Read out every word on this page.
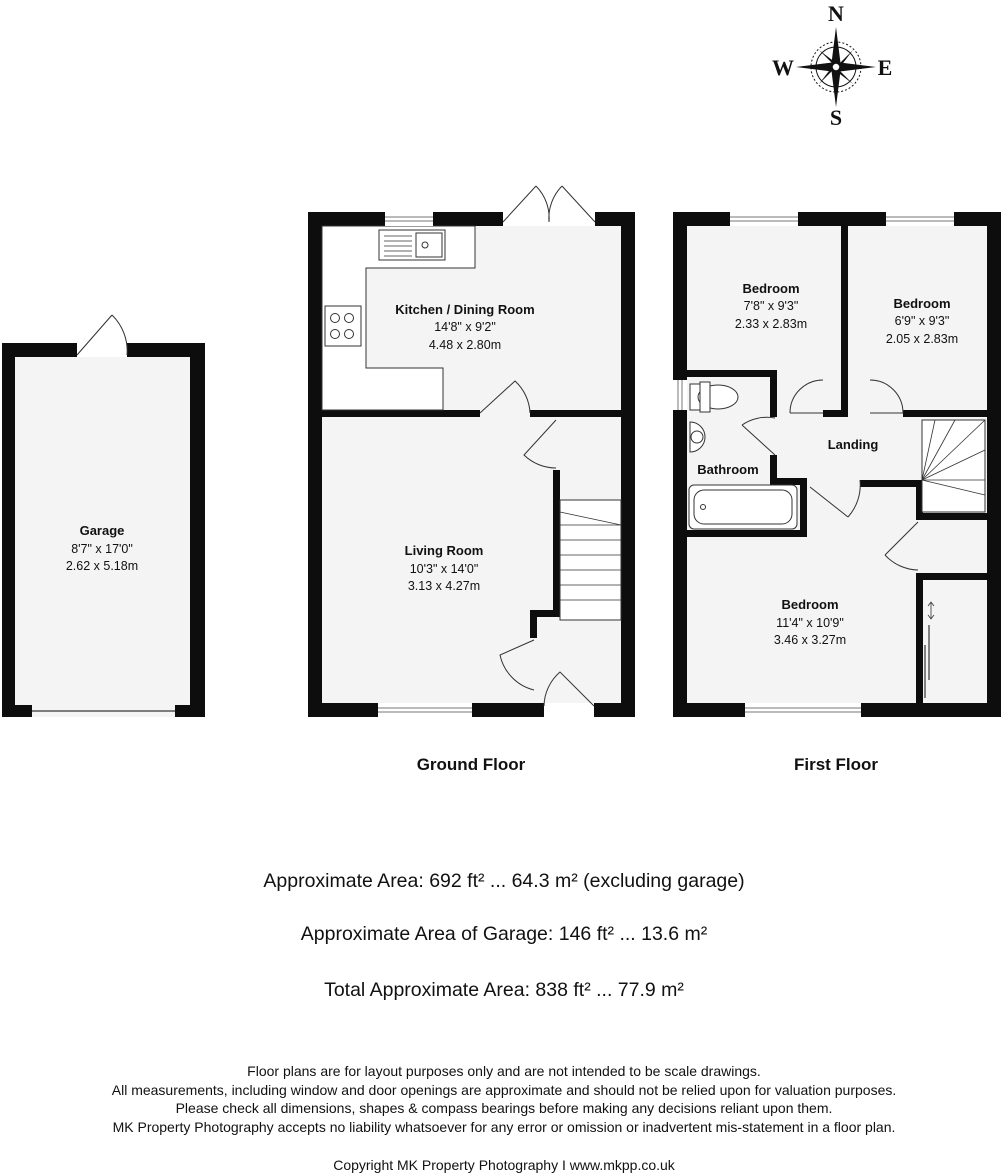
N
S
E
W
Garage
8'7" x 17'0"
2.62 x 5.18m
Kitchen / Dining Room
14'8" x 9'2"
4.48 x 2.80m
Living Room
10'3" x 14'0"
3.13 x 4.27m
Ground Floor
Bedroom
7'8" x 9'3"
2.33 x 2.83m
Bedroom
6'9" x 9'3"
2.05 x 2.83m
Bathroom
Landing
Bedroom
11'4" x 10'9"
3.46 x 3.27m
First Floor
Approximate Area: 692 ft² ... 64.3 m² (excluding garage)
Approximate Area of Garage: 146 ft² ... 13.6 m²
Total Approximate Area: 838 ft² ... 77.9 m²
Floor plans are for layout purposes only and are not intended to be scale drawings.
All measurements, including window and door openings are approximate and should not be relied upon for valuation purposes.
Please check all dimensions, shapes & compass bearings before making any decisions reliant upon them.
MK Property Photography accepts no liability whatsoever for any error or omission or inadvertent mis-statement in a floor plan.
Copyright MK Property Photography I www.mkpp.co.uk
